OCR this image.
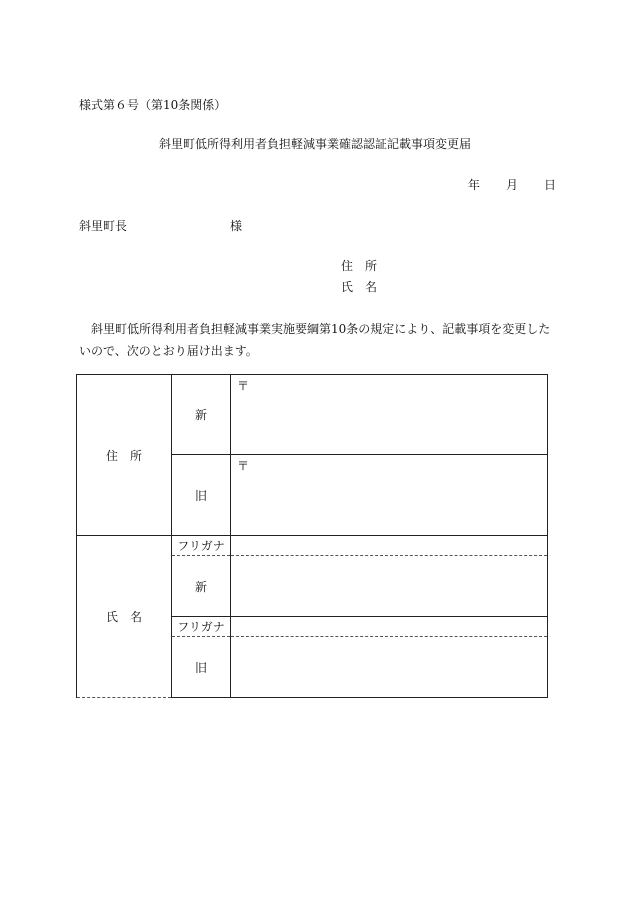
様式第６号（第10条関係）
斜里町低所得利用者負担軽減事業確認認証記載事項変更届
年 月 日
斜里町長	様
住　所
氏　名
斜里町低所得利用者負担軽減事業実施要綱第10条の規定により、記載事項を変更したいので、次のとおり届け出ます。
住　所	新	〒
	旧	〒
氏　名	フリガナ	
	新	
	フリガナ	
	旧	
